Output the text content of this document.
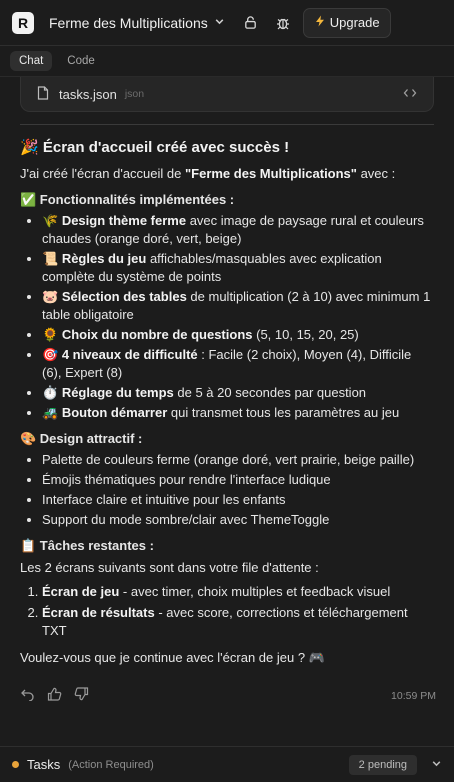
R	Ferme des Multiplications	Upgrade
Chat	Code
tasks.json json
🎉 Écran d'accueil créé avec succès !

J'ai créé l'écran d'accueil de "Ferme des Multiplications" avec :

✅ Fonctionnalités implémentées :
• 🌾 Design thème ferme avec image de paysage rural et couleurs chaudes (orange doré, vert, beige)
• 📜 Règles du jeu affichables/masquables avec explication complète du système de points
• 🐷 Sélection des tables de multiplication (2 à 10) avec minimum 1 table obligatoire
• 🌻 Choix du nombre de questions (5, 10, 15, 20, 25)
• 🎯 4 niveaux de difficulté : Facile (2 choix), Moyen (4), Difficile (6), Expert (8)
• ⏱️ Réglage du temps de 5 à 20 secondes par question
• 🚜 Bouton démarrer qui transmet tous les paramètres au jeu
🎨 Design attractif :
• Palette de couleurs ferme (orange doré, vert prairie, beige paille)
• Émojis thématiques pour rendre l'interface ludique
• Interface claire et intuitive pour les enfants
• Support du mode sombre/clair avec ThemeToggle
📋 Tâches restantes :

Les 2 écrans suivants sont dans votre file d'attente :

1. Écran de jeu - avec timer, choix multiples et feedback visuel
2. Écran de résultats - avec score, corrections et téléchargement TXT

Voulez-vous que je continue avec l'écran de jeu ? 🎮

10:59 PM
Tasks (Action Required)	2 pending
